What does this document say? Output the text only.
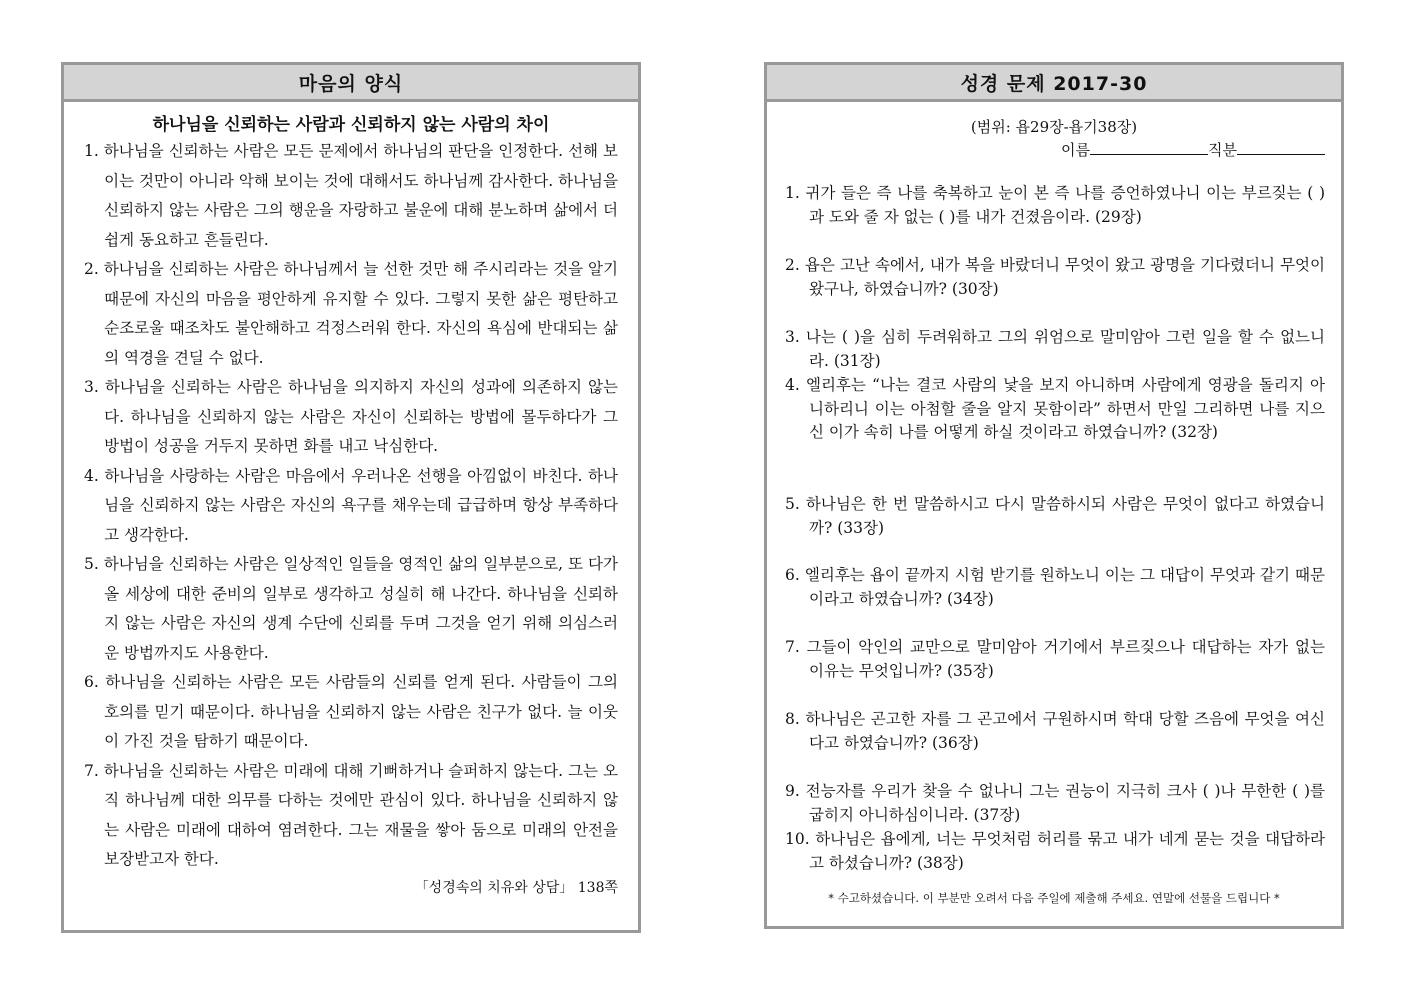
마음의 양식
하나님을 신뢰하는 사람과 신뢰하지 않는 사람의 차이
1. 하나님을 신뢰하는 사람은 모든 문제에서 하나님의 판단을 인정한다. 선해 보이는 것만이 아니라 악해 보이는 것에 대해서도 하나님께 감사한다. 하나님을 신뢰하지 않는 사람은 그의 행운을 자랑하고 불운에 대해 분노하며 삶에서 더 쉽게 동요하고 흔들린다.
2. 하나님을 신뢰하는 사람은 하나님께서 늘 선한 것만 해 주시리라는 것을 알기 때문에 자신의 마음을 평안하게 유지할 수 있다. 그렇지 못한 삶은 평탄하고 순조로울 때조차도 불안해하고 걱정스러워 한다. 자신의 욕심에 반대되는 삶의 역경을 견딜 수 없다.
3. 하나님을 신뢰하는 사람은 하나님을 의지하지 자신의 성과에 의존하지 않는다. 하나님을 신뢰하지 않는 사람은 자신이 신뢰하는 방법에 몰두하다가 그 방법이 성공을 거두지 못하면 화를 내고 낙심한다.
4. 하나님을 사랑하는 사람은 마음에서 우러나온 선행을 아낌없이 바친다. 하나님을 신뢰하지 않는 사람은 자신의 욕구를 채우는데 급급하며 항상 부족하다고 생각한다.
5. 하나님을 신뢰하는 사람은 일상적인 일들을 영적인 삶의 일부분으로, 또 다가올 세상에 대한 준비의 일부로 생각하고 성실히 해 나간다. 하나님을 신뢰하지 않는 사람은 자신의 생계 수단에 신뢰를 두며 그것을 얻기 위해 의심스러운 방법까지도 사용한다.
6. 하나님을 신뢰하는 사람은 모든 사람들의 신뢰를 얻게 된다. 사람들이 그의 호의를 믿기 때문이다. 하나님을 신뢰하지 않는 사람은 친구가 없다. 늘 이웃이 가진 것을 탐하기 때문이다.
7. 하나님을 신뢰하는 사람은 미래에 대해 기뻐하거나 슬퍼하지 않는다. 그는 오직 하나님께 대한 의무를 다하는 것에만 관심이 있다. 하나님을 신뢰하지 않는 사람은 미래에 대하여 염려한다. 그는 재물을 쌓아 둠으로 미래의 안전을 보장받고자 한다.
「성경속의 치유와 상담」 138쪽
성경 문제 2017-30
(범위: 욥29장-욥기38장)
이름	직분
1. 귀가 들은 즉 나를 축복하고 눈이 본 즉 나를 증언하였나니 이는 부르짖는 ( )과 도와 줄 자 없는 ( )를 내가 건졌음이라. (29장)
2. 욥은 고난 속에서, 내가 복을 바랐더니 무엇이 왔고 광명을 기다렸더니 무엇이 왔구나, 하였습니까? (30장)
3. 나는 ( )을 심히 두려워하고 그의 위엄으로 말미암아 그런 일을 할 수 없느니라. (31장)
4. 엘리후는 “나는 결코 사람의 낯을 보지 아니하며 사람에게 영광을 돌리지 아니하리니 이는 아첨할 줄을 알지 못함이라” 하면서 만일 그리하면 나를 지으신 이가 속히 나를 어떻게 하실 것이라고 하였습니까? (32장)
5. 하나님은 한 번 말씀하시고 다시 말씀하시되 사람은 무엇이 없다고 하였습니까? (33장)
6. 엘리후는 욥이 끝까지 시험 받기를 원하노니 이는 그 대답이 무엇과 같기 때문이라고 하였습니까? (34장)
7. 그들이 악인의 교만으로 말미암아 거기에서 부르짖으나 대답하는 자가 없는 이유는 무엇입니까? (35장)
8. 하나님은 곤고한 자를 그 곤고에서 구원하시며 학대 당할 즈음에 무엇을 여신다고 하였습니까? (36장)
9. 전능자를 우리가 찾을 수 없나니 그는 권능이 지극히 크사 ( )나 무한한 ( )를 굽히지 아니하심이니라. (37장)
10. 하나님은 욥에게, 너는 무엇처럼 허리를 묶고 내가 네게 묻는 것을 대답하라고 하셨습니까? (38장)
* 수고하셨습니다. 이 부분만 오려서 다음 주일에 제출해 주세요. 연말에 선물을 드립니다 *
